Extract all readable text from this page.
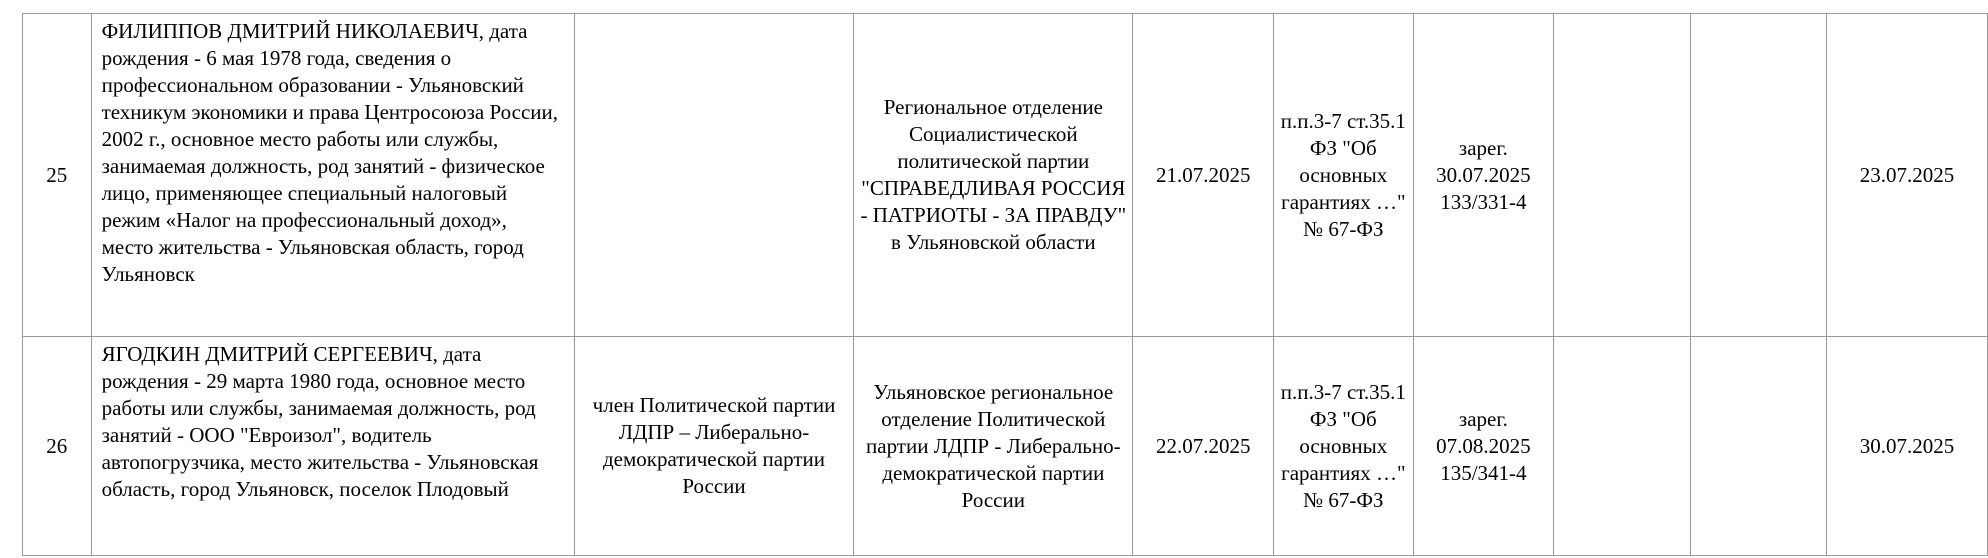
25	ФИЛИППОВ ДМИТРИЙ НИКОЛАЕВИЧ, дата рождения - 6 мая 1978 года, сведения о профессиональном образовании - Ульяновский техникум экономики и права Центросоюза России, 2002 г., основное место работы или службы, занимаемая должность, род занятий - физическое лицо, применяющее специальный налоговый режим «Налог на профессиональный доход», место жительства - Ульяновская область, город Ульяновск		Региональное отделение Социалистической политической партии "СПРАВЕДЛИВАЯ РОССИЯ - ПАТРИОТЫ - ЗА ПРАВДУ" в Ульяновской области	21.07.2025	п.п.3-7 ст.35.1 ФЗ "Об основных гарантиях …" № 67-ФЗ	зарег. 30.07.2025 133/331-4			23.07.2025
26	ЯГОДКИН ДМИТРИЙ СЕРГЕЕВИЧ, дата рождения - 29 марта 1980 года, основное место работы или службы, занимаемая должность, род занятий - ООО "Евроизол", водитель автопогрузчика, место жительства - Ульяновская область, город Ульяновск, поселок Плодовый	член Политической партии ЛДПР – Либерально-демократической партии России	Ульяновское региональное отделение Политической партии ЛДПР - Либерально-демократической партии России	22.07.2025	п.п.3-7 ст.35.1 ФЗ "Об основных гарантиях …" № 67-ФЗ	зарег. 07.08.2025 135/341-4			30.07.2025
